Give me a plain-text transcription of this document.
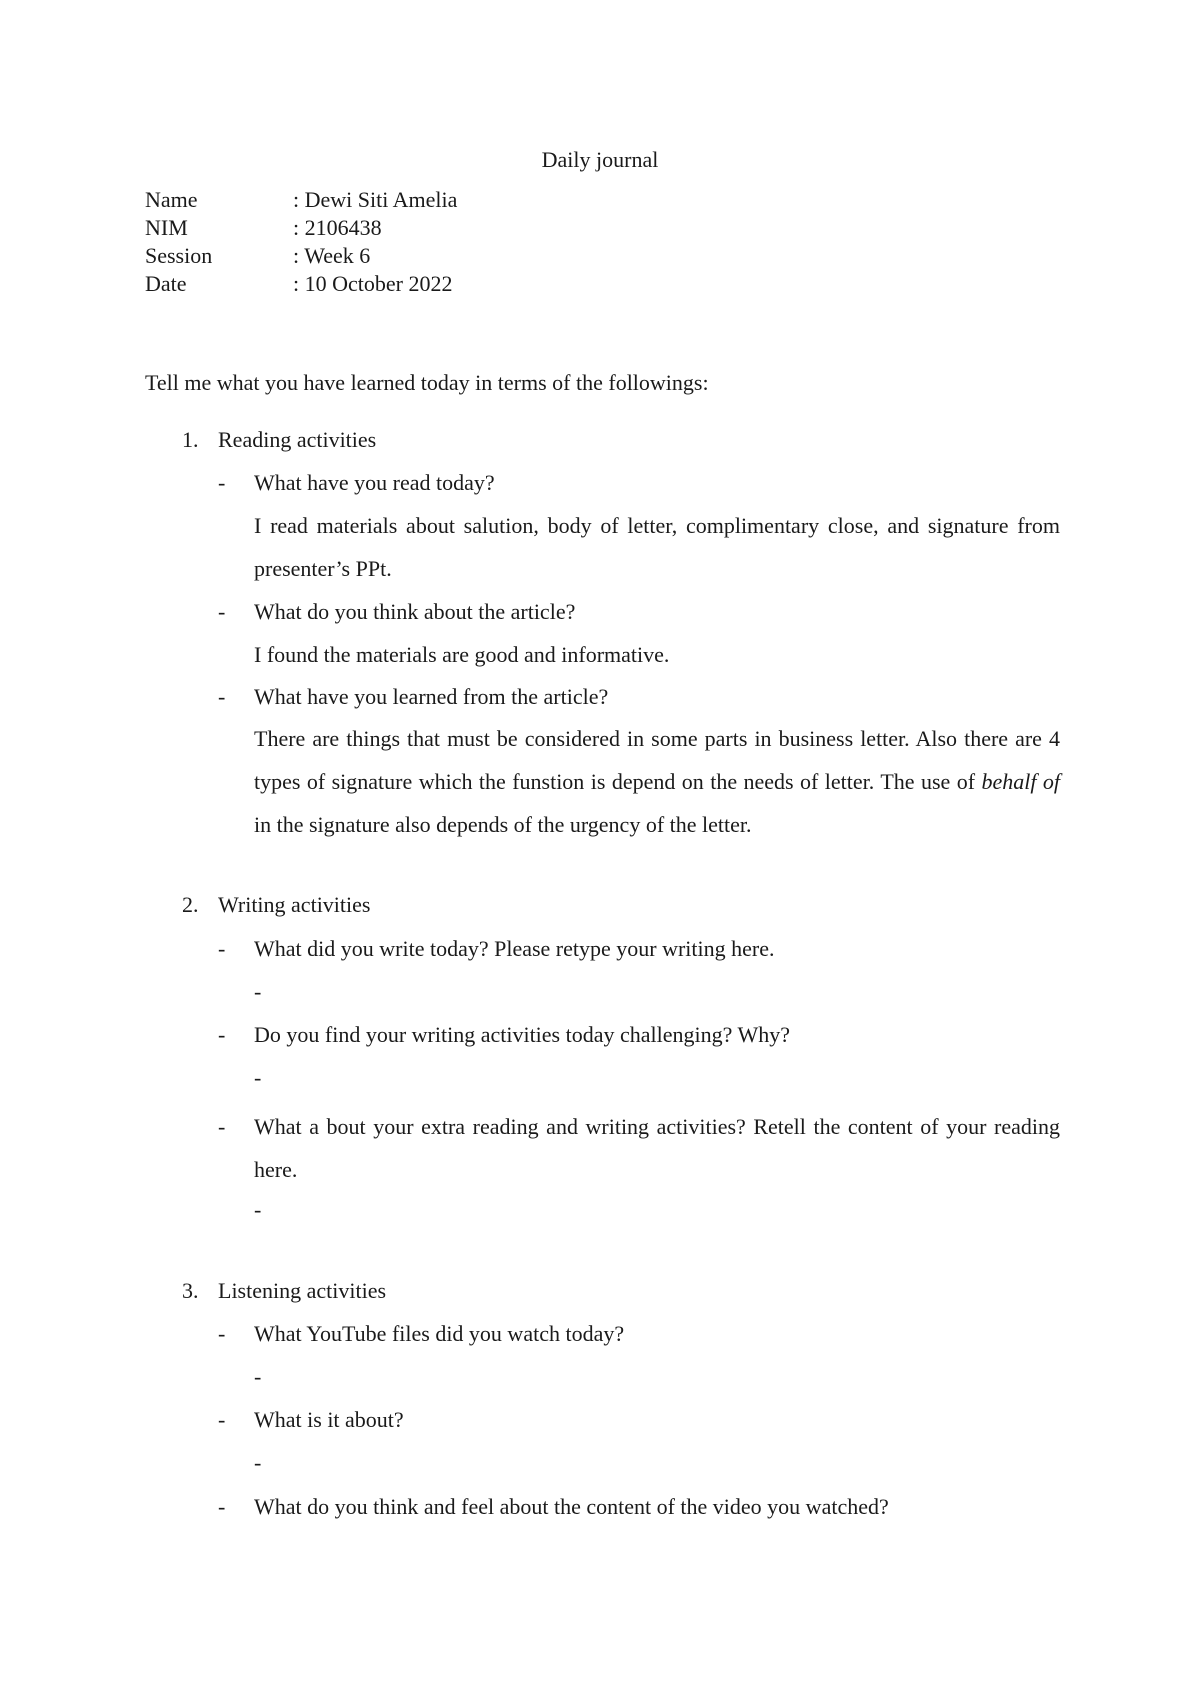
Daily journal
Name	: Dewi Siti Amelia
NIM	: 2106438
Session	: Week 6
Date	: 10 October 2022
Tell me what you have learned today in terms of the followings:
1. Reading activities
- What have you read today?
I read materials about salution, body of letter, complimentary close, and signature from presenter’s PPt.
- What do you think about the article?
I found the materials are good and informative.
- What have you learned from the article?
There are things that must be considered in some parts in business letter. Also there are 4 types of signature which the funstion is depend on the needs of letter. The use of behalf of in the signature also depends of the urgency of the letter.
2. Writing activities
- What did you write today? Please retype your writing here.
-
- Do you find your writing activities today challenging? Why?
-
- What a bout your extra reading and writing activities? Retell the content of your reading here.
-
3. Listening activities
- What YouTube files did you watch today?
-
- What is it about?
-
- What do you think and feel about the content of the video you watched?
